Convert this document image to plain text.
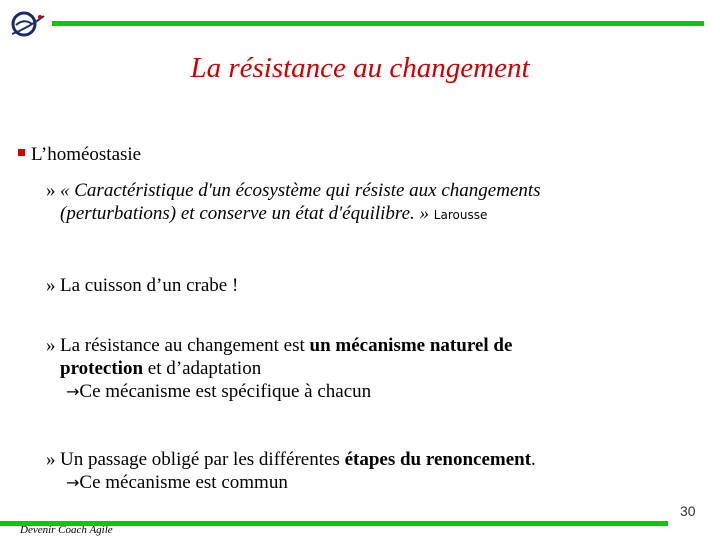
La résistance au changement
L’homéostasie
» « Caractéristique d'un écosystème qui résiste aux changements
(perturbations) et conserve un état d'équilibre. » Larousse
» La cuisson d’un crabe !
» La résistance au changement est un mécanisme naturel de
protection et d’adaptation
→Ce mécanisme est spécifique à chacun
» Un passage obligé par les différentes étapes du renoncement.
→Ce mécanisme est commun
30
Devenir Coach Agile
